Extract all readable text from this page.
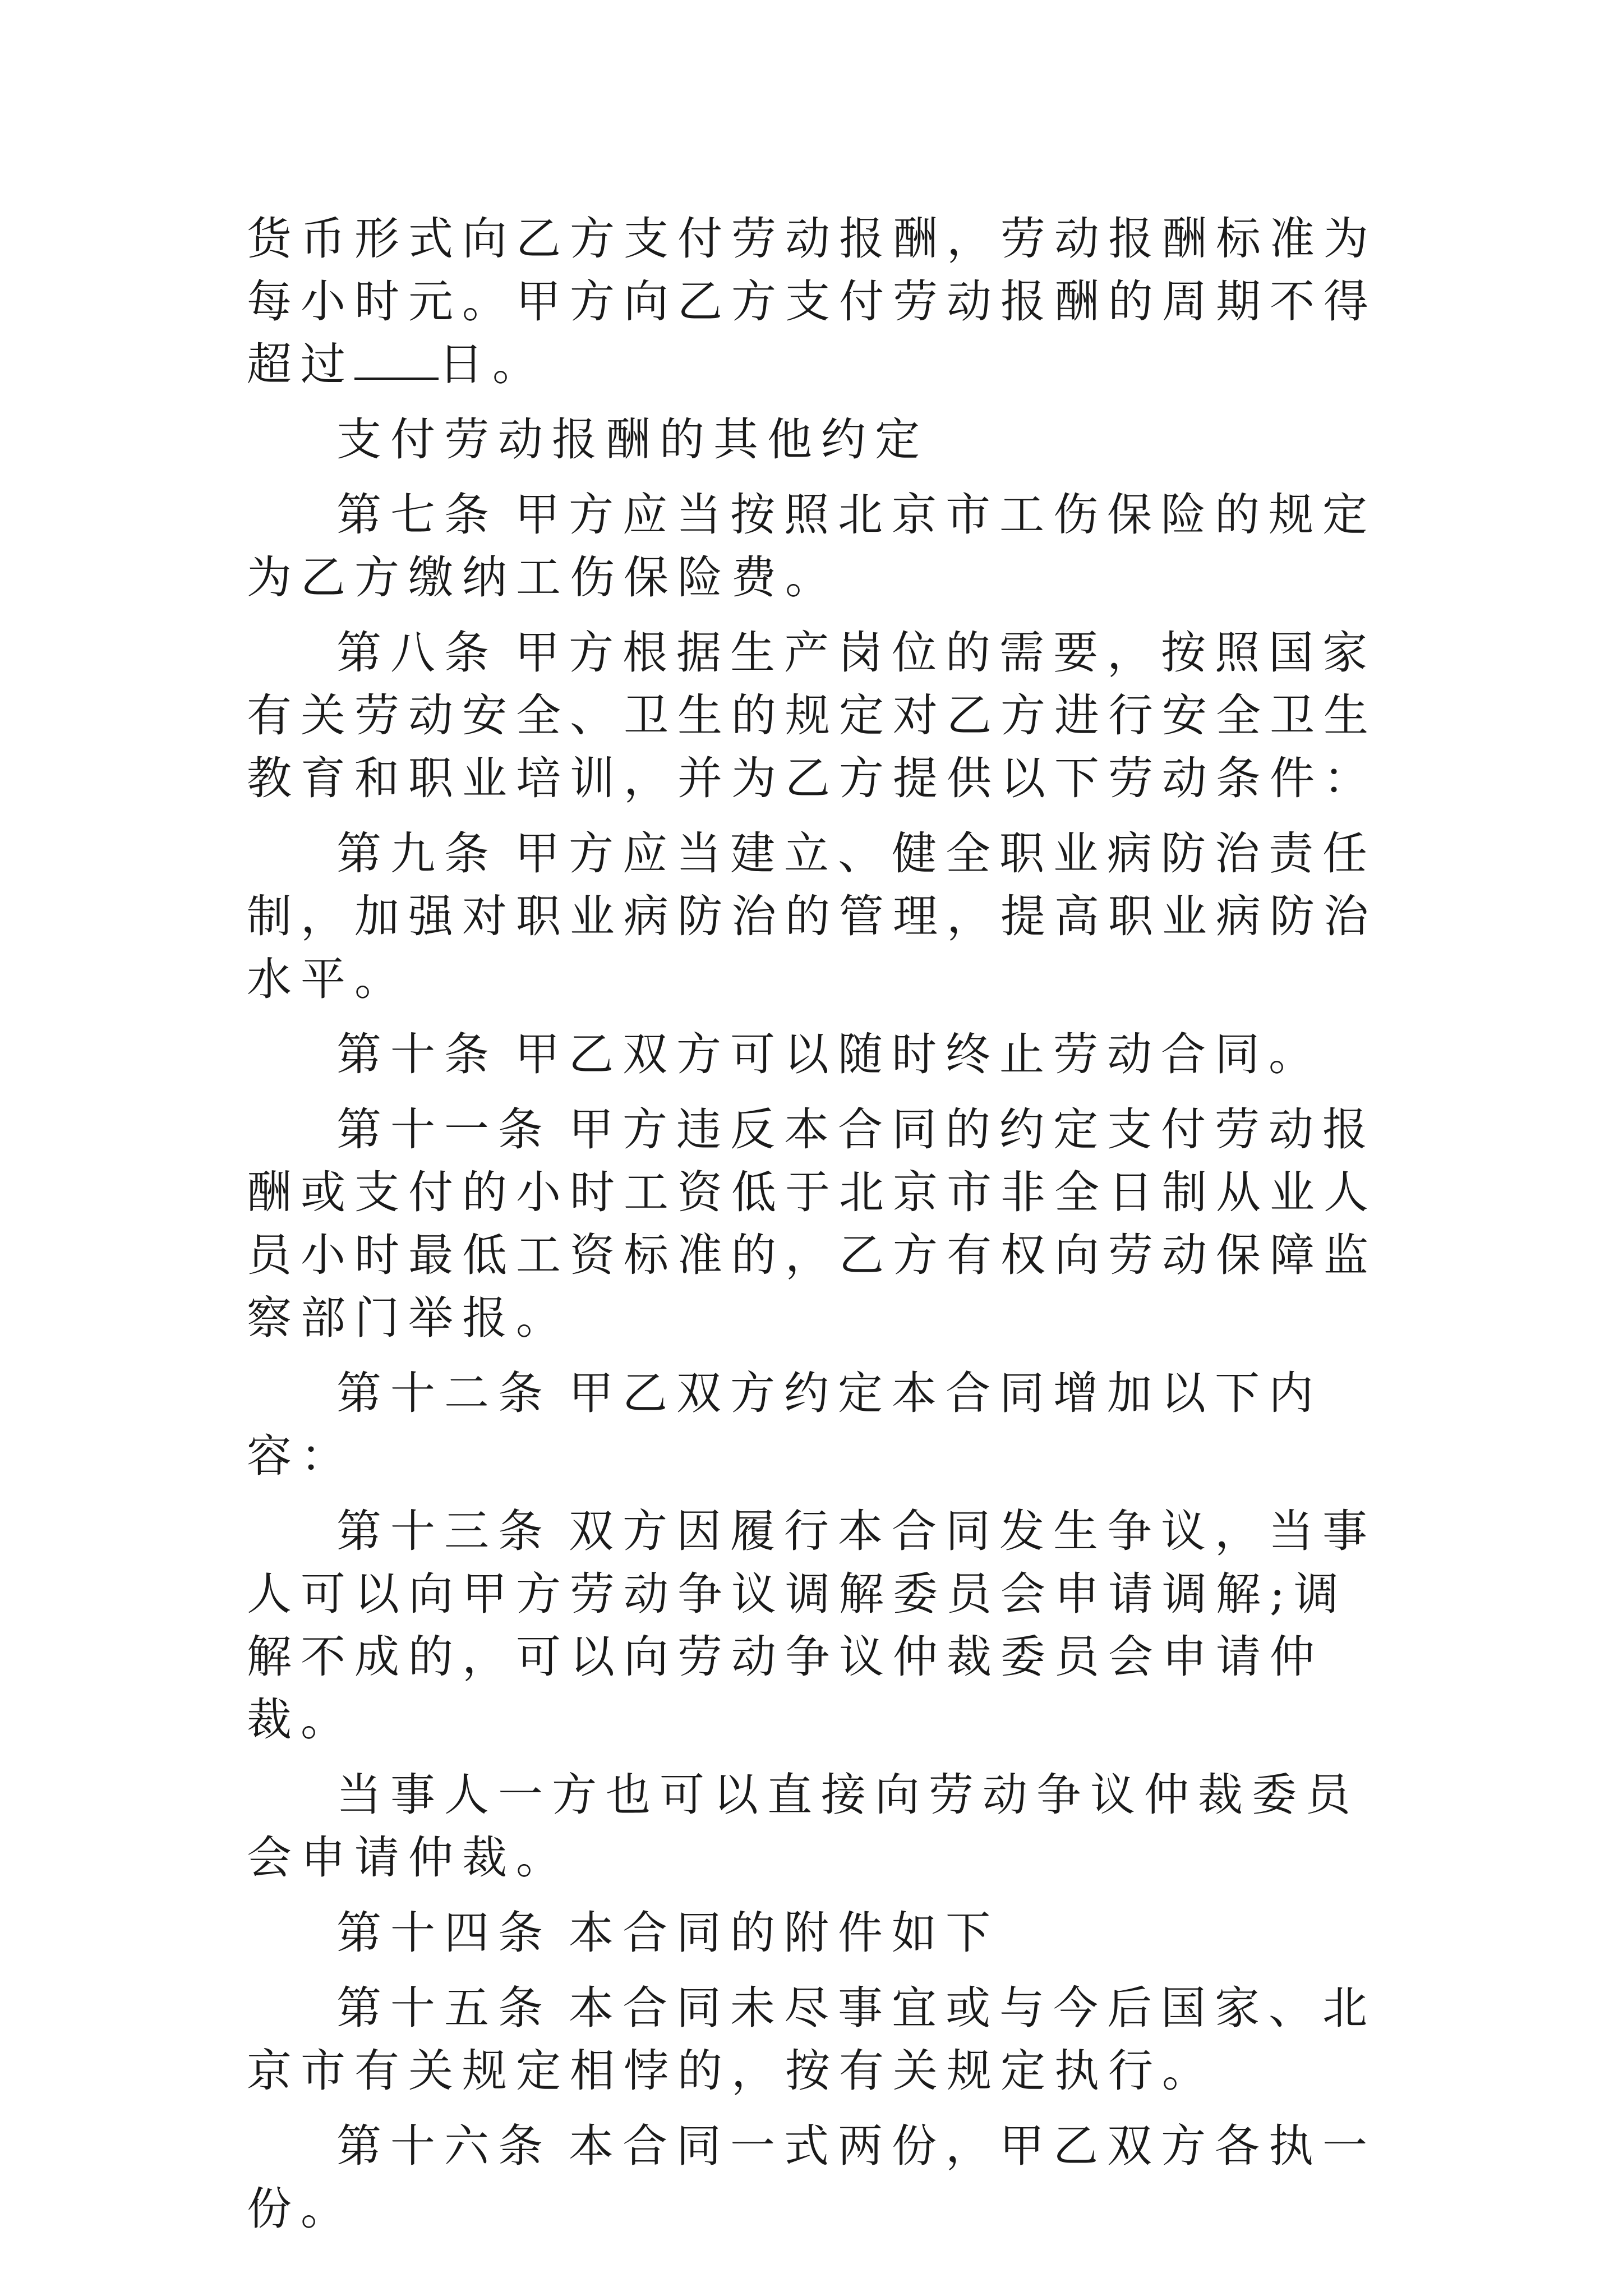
货币形式向乙方支付劳动报酬，劳动报酬标准为每小时元。甲方向乙方支付劳动报酬的周期不得超过 日。

支付劳动报酬的其他约定

第七条 甲方应当按照北京市工伤保险的规定为乙方缴纳工伤保险费。

第八条 甲方根据生产岗位的需要，按照国家有关劳动安全、卫生的规定对乙方进行安全卫生教育和职业培训，并为乙方提供以下劳动条件：

第九条 甲方应当建立、健全职业病防治责任制，加强对职业病防治的管理，提高职业病防治水平。

第十条 甲乙双方可以随时终止劳动合同。

第十一条 甲方违反本合同的约定支付劳动报酬或支付的小时工资低于北京市非全日制从业人员小时最低工资标准的，乙方有权向劳动保障监察部门举报。

第十二条 甲乙双方约定本合同增加以下内容：

第十三条 双方因履行本合同发生争议，当事人可以向甲方劳动争议调解委员会申请调解;调解不成的，可以向劳动争议仲裁委员会申请仲裁。

当事人一方也可以直接向劳动争议仲裁委员会申请仲裁。

第十四条 本合同的附件如下

第十五条 本合同未尽事宜或与今后国家、北京市有关规定相悖的，按有关规定执行。

第十六条 本合同一式两份，甲乙双方各执一份。
